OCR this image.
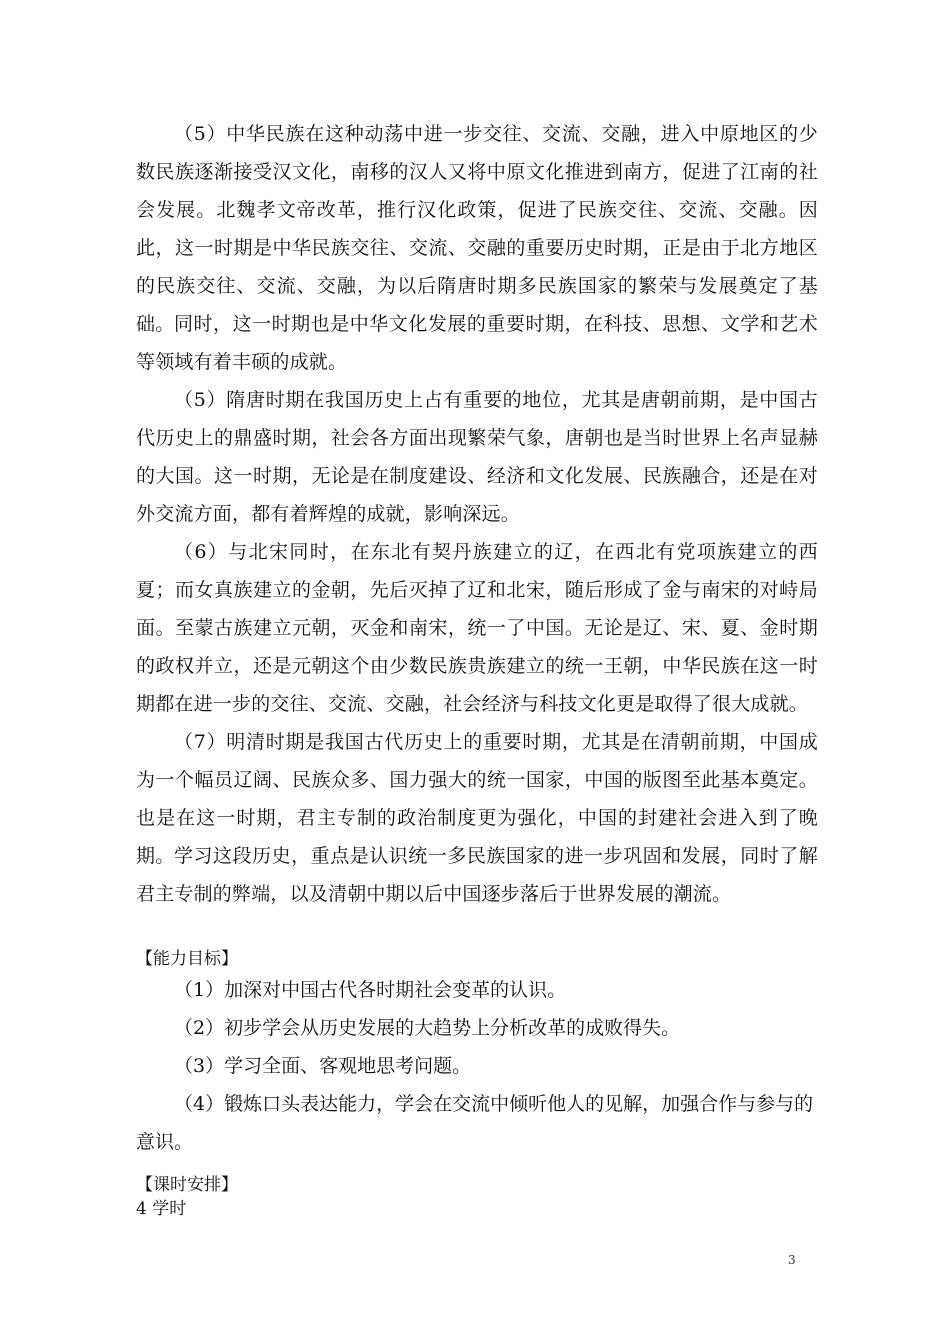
（5）中华民族在这种动荡中进一步交往、交流、交融，进入中原地区的少数民族逐渐接受汉文化，南移的汉人又将中原文化推进到南方，促进了江南的社会发展。北魏孝文帝改革，推行汉化政策，促进了民族交往、交流、交融。因此，这一时期是中华民族交往、交流、交融的重要历史时期，正是由于北方地区的民族交往、交流、交融，为以后隋唐时期多民族国家的繁荣与发展奠定了基础。 同时，这一时期也是中华文化发展的重要时期，在科技、思想、文学和艺术等领域有着丰硕的成就。

（5）隋唐时期在我国历史上占有重要的地位，尤其是唐朝前期，是中国古代历史上的鼎盛时期，社会各方面出现繁荣气象，唐朝也是当时世界上名声显赫的大国。这一时期，无论是在制度建设、经济和文化发展、民族融合，还是在对外交流方面，都有着辉煌的成就，影响深远。

（6）与北宋同时，在东北有契丹族建立的辽，在西北有党项族建立的西夏；而女真族建立的金朝，先后灭掉了辽和北宋，随后形成了金与南宋的对峙局面。至蒙古族建立元朝，灭金和南宋，统一了中国。无论是辽、宋、夏、金时期的政权并立，还是元朝这个由少数民族贵族建立的统一王朝，中华民族在这一时期都在进一步的交往、交流、交融，社会经济与科技文化更是取得了很大成就。

（7）明清时期是我国古代历史上的重要时期，尤其是在清朝前期，中国成为一个幅员辽阔、民族众多、国力强大的统一国家，中国的版图至此基本奠定。也是在这一时期，君主专制的政治制度更为强化，中国的封建社会进入到了晚期。 学习这段历史，重点是认识统一多民族国家的进一步巩固和发展，同时了解君主专制的弊端，以及清朝中期以后中国逐步落后于世界发展的潮流。

【能力目标】

（1）加深对中国古代各时期社会变革的认识。

（2）初步学会从历史发展的大趋势上分析改革的成败得失。

（3）学习全面、客观地思考问题。

（4）锻炼口头表达能力，学会在交流中倾听他人的见解，加强合作与参与的意识。

【课时安排】
4 学时
3
